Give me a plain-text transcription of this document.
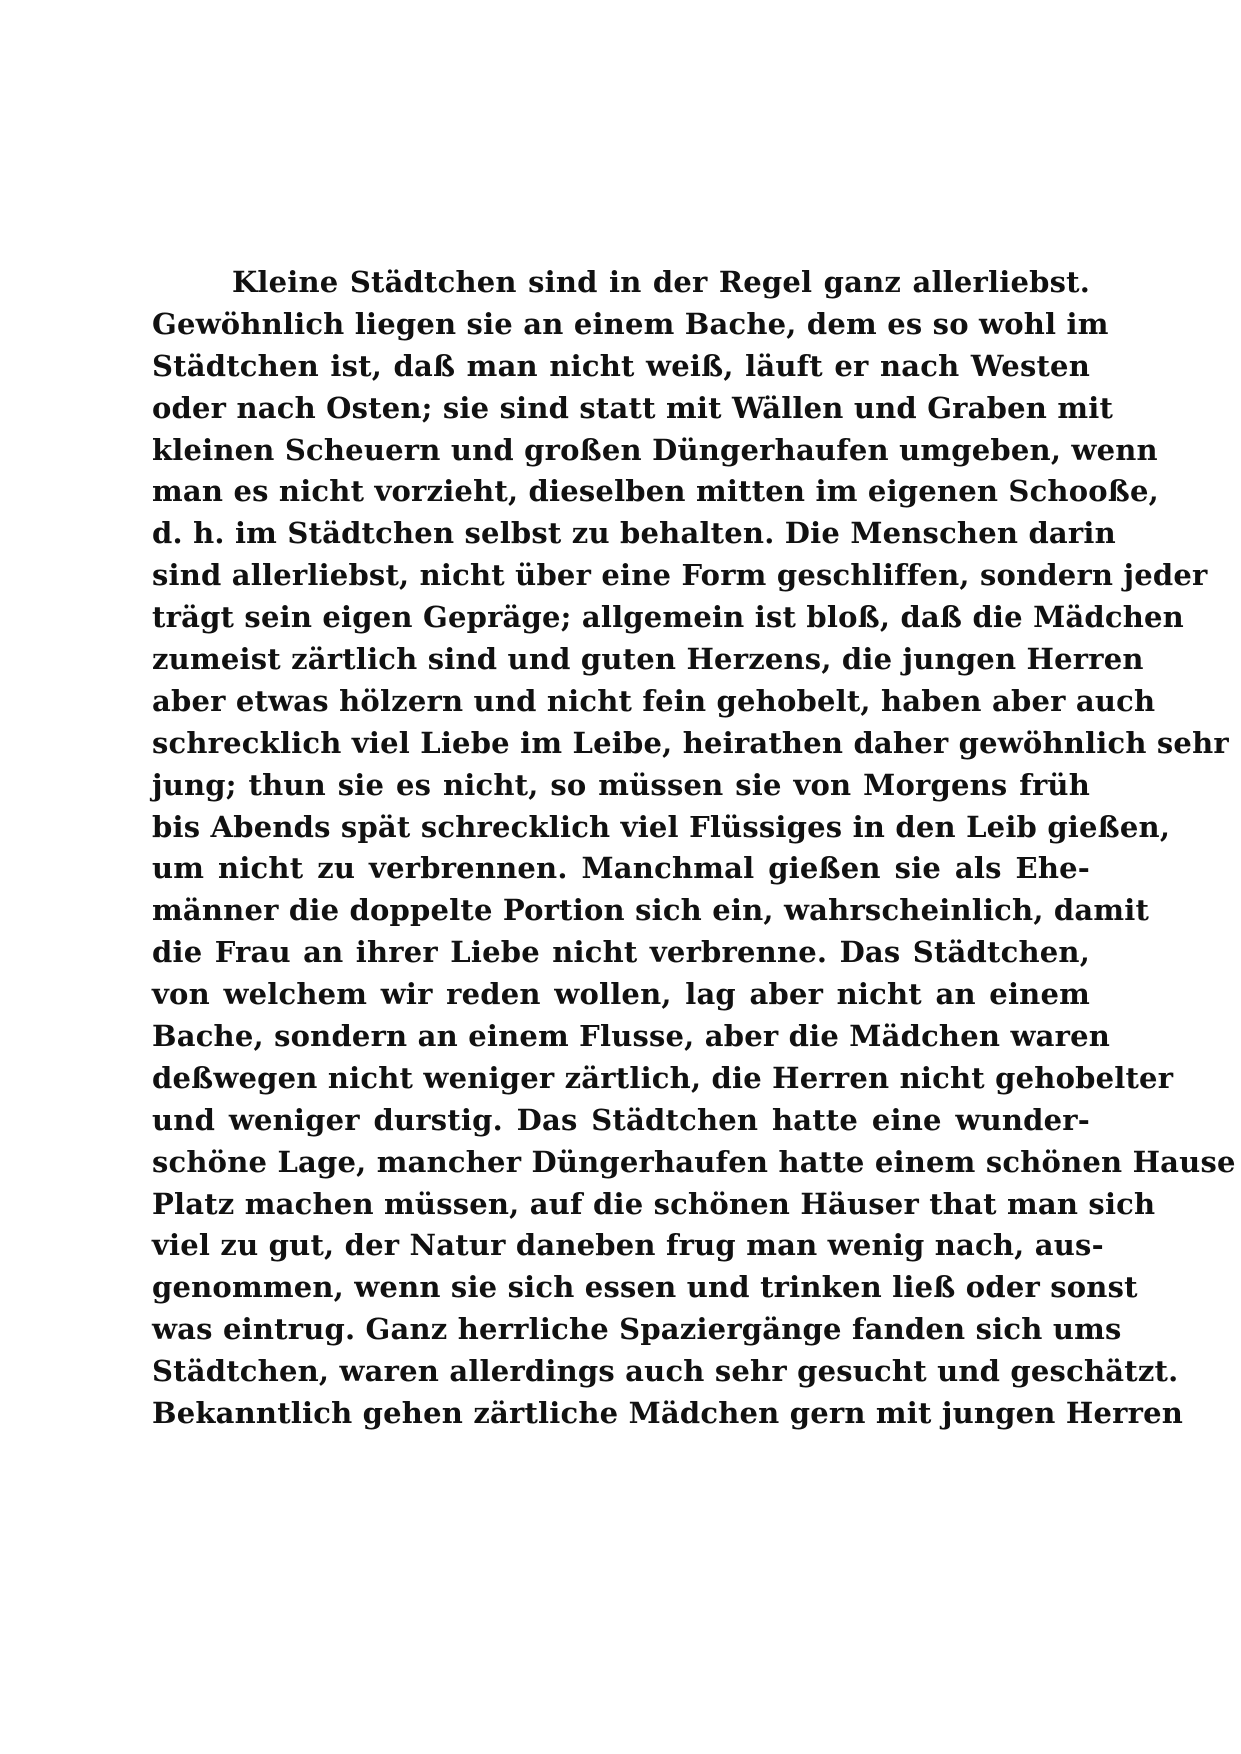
Kleine Städtchen sind in der Regel ganz allerliebst.
Gewöhnlich liegen sie an einem Bache, dem es so wohl im
Städtchen ist, daß man nicht weiß, läuft er nach Westen
oder nach Osten; sie sind statt mit Wällen und Graben mit
kleinen Scheuern und großen Düngerhaufen umgeben, wenn
man es nicht vorzieht, dieselben mitten im eigenen Schooße,
d. h. im Städtchen selbst zu behalten. Die Menschen darin
sind allerliebst, nicht über eine Form geschliffen, sondern jeder
trägt sein eigen Gepräge; allgemein ist bloß, daß die Mädchen
zumeist zärtlich sind und guten Herzens, die jungen Herren
aber etwas hölzern und nicht fein gehobelt, haben aber auch
schrecklich viel Liebe im Leibe, heirathen daher gewöhnlich sehr
jung; thun sie es nicht, so müssen sie von Morgens früh
bis Abends spät schrecklich viel Flüssiges in den Leib gießen,
um nicht zu verbrennen. Manchmal gießen sie als Ehe-
männer die doppelte Portion sich ein, wahrscheinlich, damit
die Frau an ihrer Liebe nicht verbrenne. Das Städtchen,
von welchem wir reden wollen, lag aber nicht an einem
Bache, sondern an einem Flusse, aber die Mädchen waren
deßwegen nicht weniger zärtlich, die Herren nicht gehobelter
und weniger durstig. Das Städtchen hatte eine wunder-
schöne Lage, mancher Düngerhaufen hatte einem schönen Hause
Platz machen müssen, auf die schönen Häuser that man sich
viel zu gut, der Natur daneben frug man wenig nach, aus-
genommen, wenn sie sich essen und trinken ließ oder sonst
was eintrug. Ganz herrliche Spaziergänge fanden sich ums
Städtchen, waren allerdings auch sehr gesucht und geschätzt.
Bekanntlich gehen zärtliche Mädchen gern mit jungen Herren
